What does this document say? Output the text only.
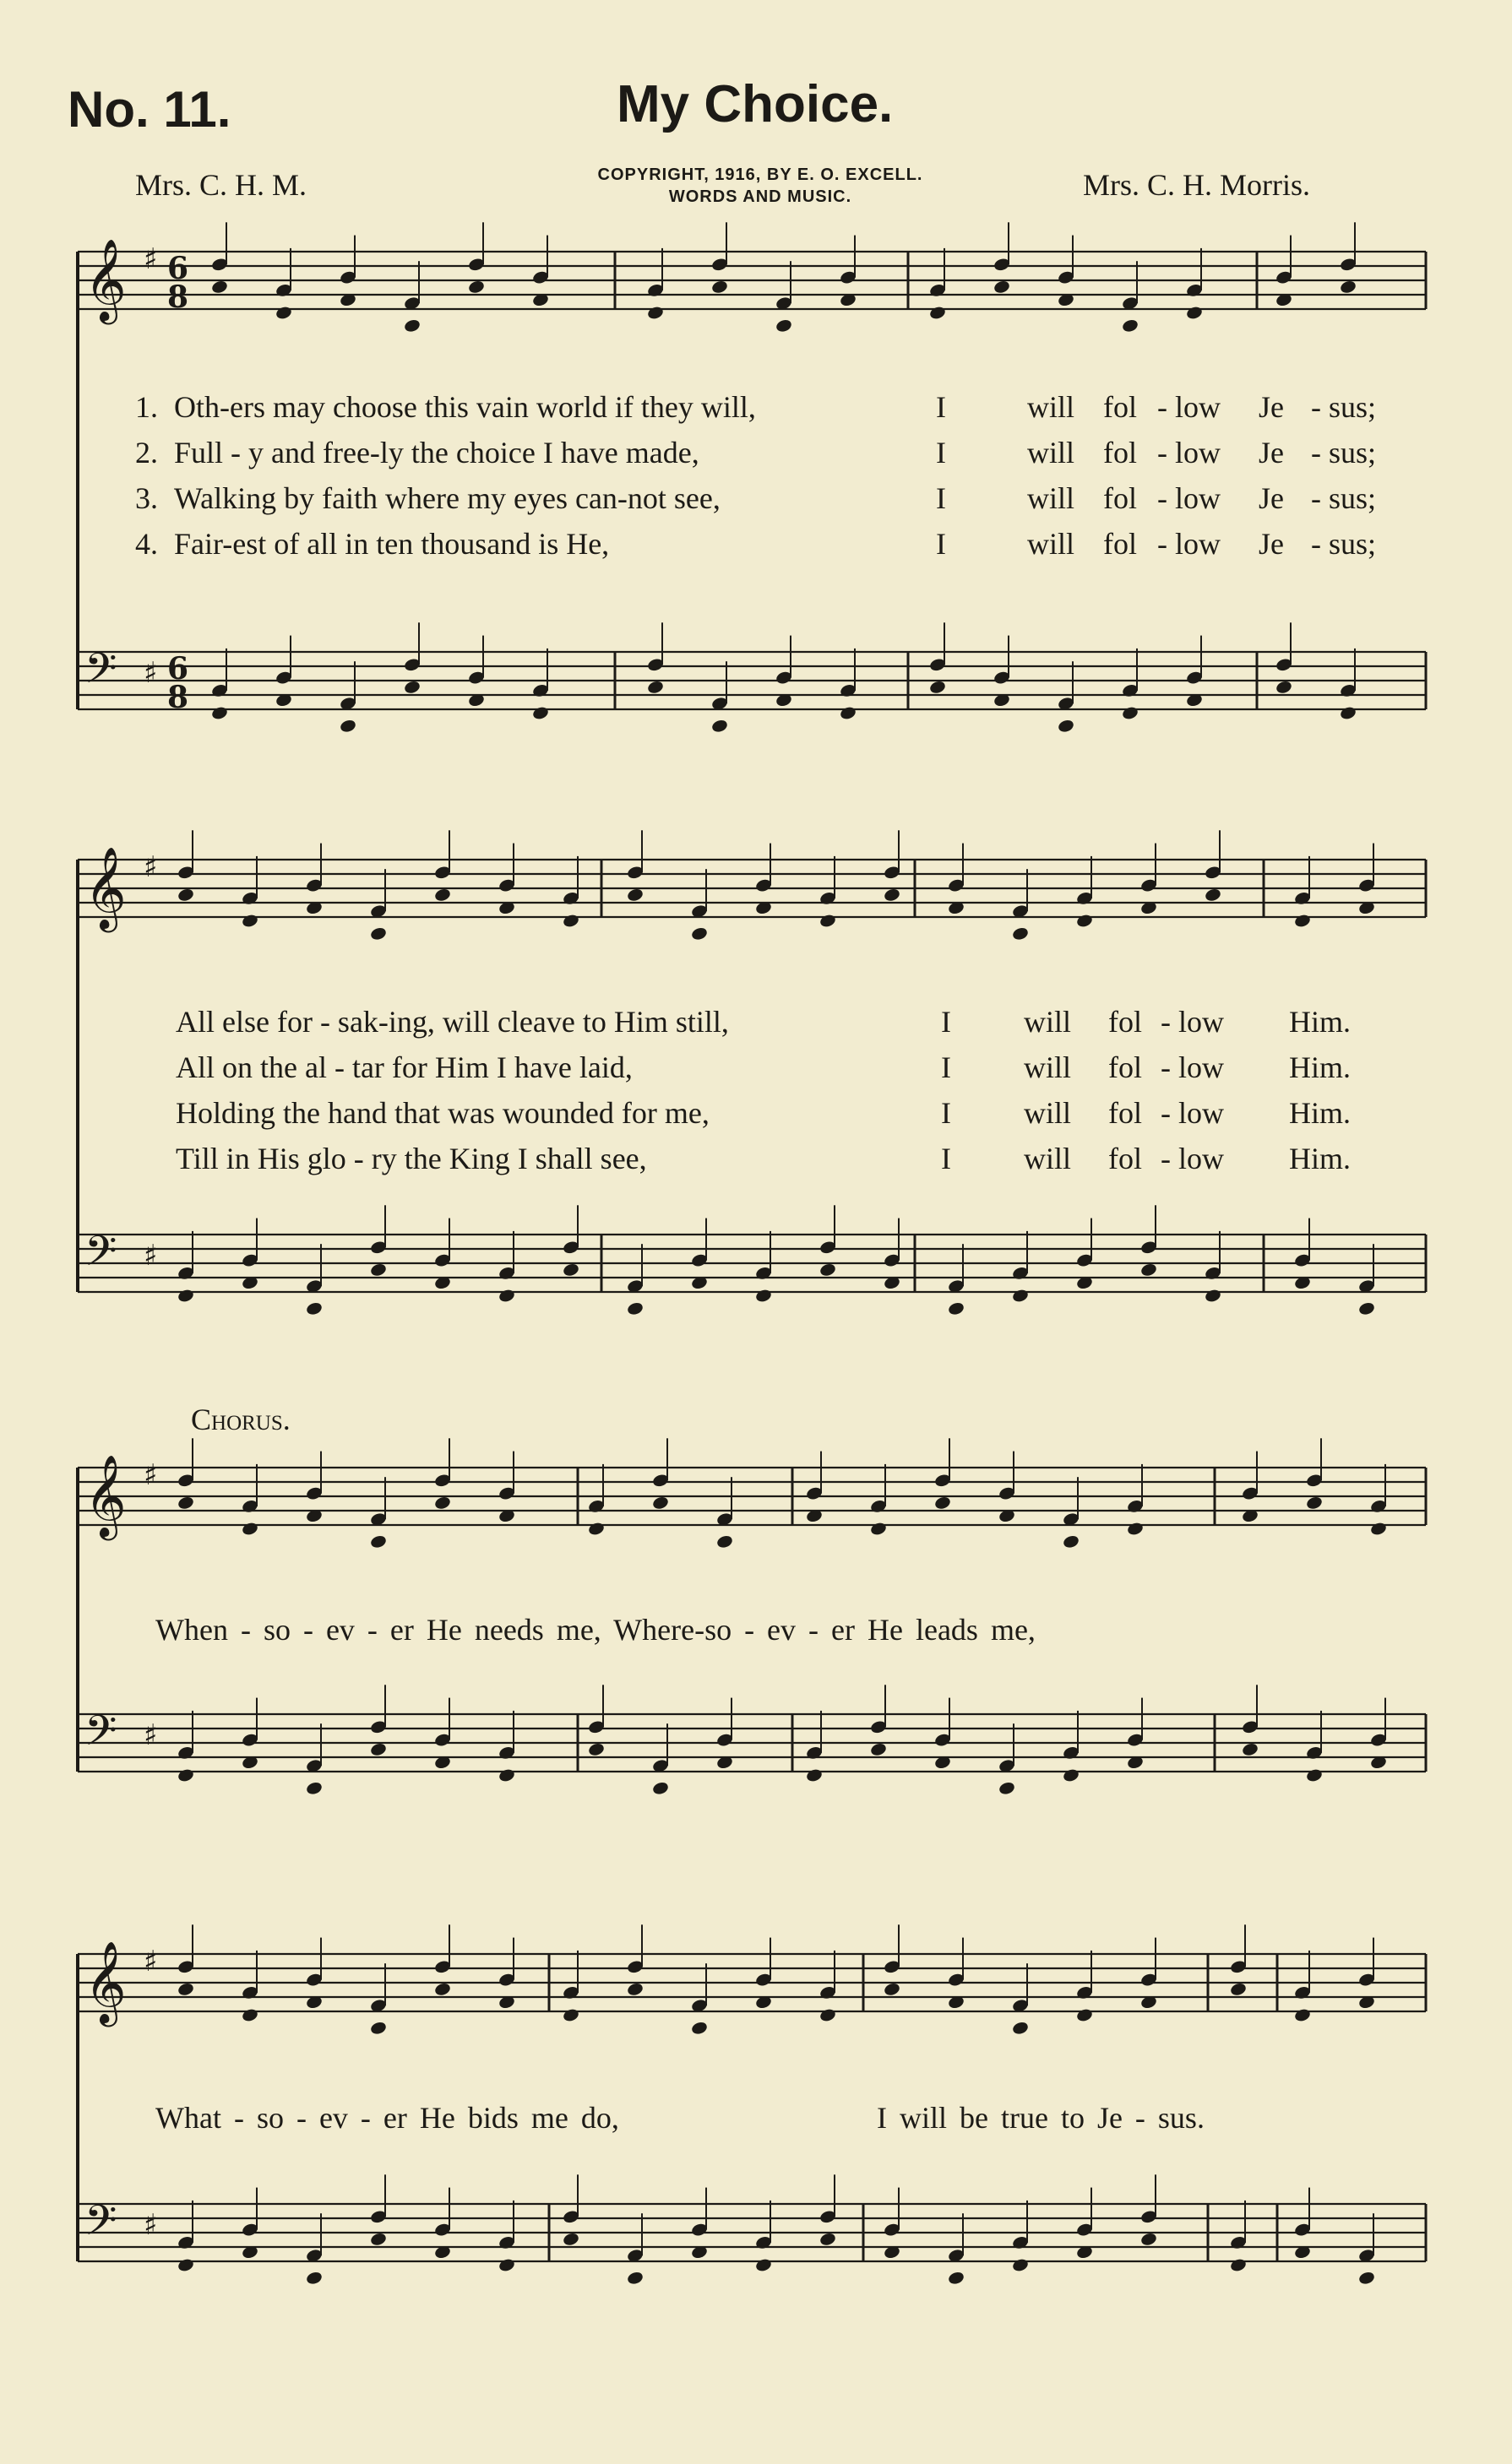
No. 11.	My Choice.
Mrs. C. H. M.	COPYRIGHT, 1916, BY E. O. EXCELL.
WORDS AND MUSIC.	Mrs. C. H. Morris.
𝄞 ♯
𝄢 ♯
6
8
6
8
𝄞 ♯
𝄢 ♯
𝄞 ♯
𝄢 ♯
𝄞 ♯
𝄢 ♯
1. Oth-ers may choose this vain world if they will,	I	will fol - low Je - sus;
2. Full - y and free-ly the choice I have made,	I	will fol - low Je - sus;
3. Walking by faith where my eyes can-not see,	I	will fol - low Je - sus;
4. Fair-est of all in ten thousand is He,	I	will fol - low Je - sus;
All else for - sak-ing, will cleave to Him still,	I will fol - low Him.
All on the al - tar for Him I have laid,	I will fol - low Him.
Holding the hand that was wounded for me,	I will fol - low Him.
Till in His glo - ry the King I shall see,	I will fol - low Him.
Chorus.
When - so - ev - er He needs me, Where-so - ev - er He leads me,
What - so - ev - er He bids me do,	I will be true to Je - sus.
